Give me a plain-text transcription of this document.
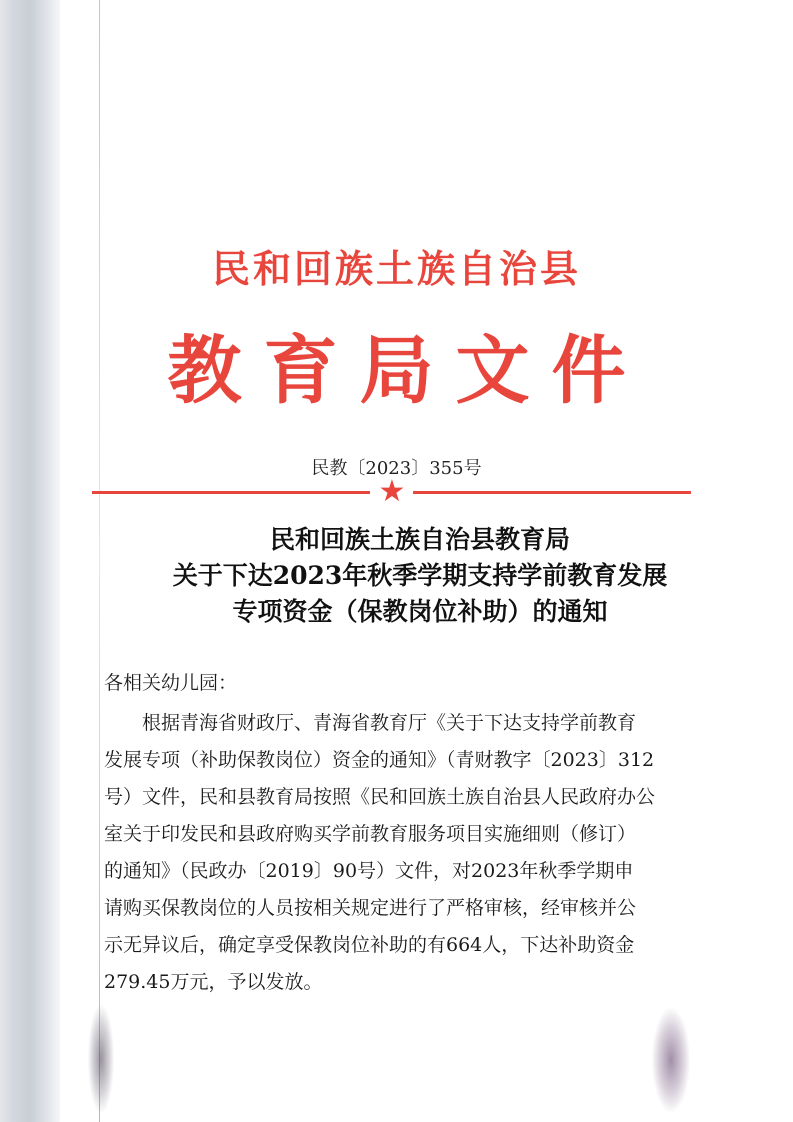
民和回族土族自治县
教育局文件
民教〔2023〕355号
★
民和回族土族自治县教育局
关于下达2023年秋季学期支持学前教育发展
专项资金（保教岗位补助）的通知
各相关幼儿园：
根据青海省财政厅、青海省教育厅《关于下达支持学前教育
发展专项（补助保教岗位）资金的通知》（青财教字〔2023〕312
号）文件，民和县教育局按照《民和回族土族自治县人民政府办公
室关于印发民和县政府购买学前教育服务项目实施细则（修订）
的通知》（民政办〔2019〕90号）文件，对2023年秋季学期申
请购买保教岗位的人员按相关规定进行了严格审核，经审核并公
示无异议后，确定享受保教岗位补助的有664人，下达补助资金
279.45万元，予以发放。
